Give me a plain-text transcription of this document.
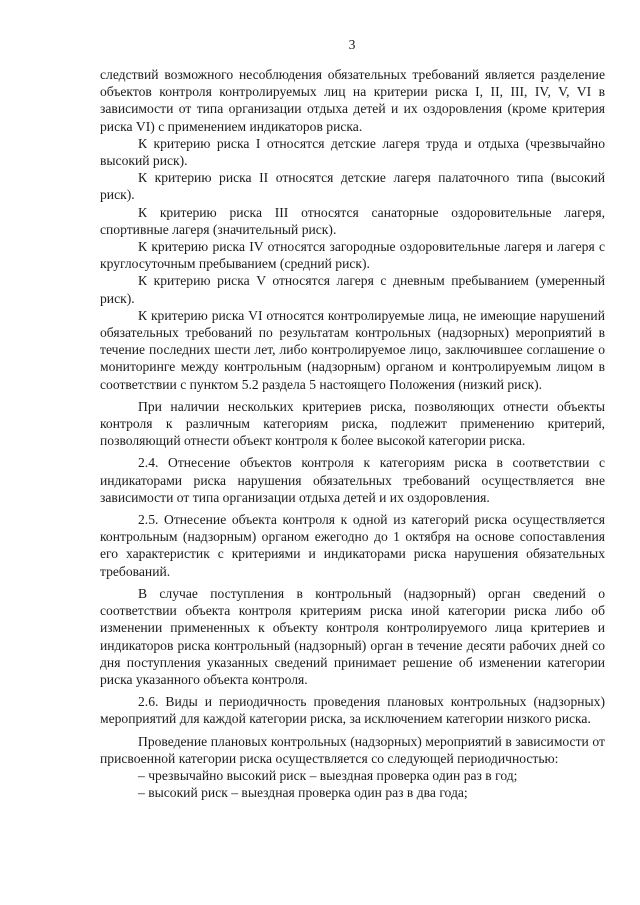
3

следствий возможного несоблюдения обязательных требований является разделение объектов контроля контролируемых лиц на критерии риска I, II, III, IV, V, VI в зависимости от типа организации отдыха детей и их оздоровления (кроме критерия риска VI) с применением индикаторов риска.

К критерию риска I относятся детские лагеря труда и отдыха (чрезвычайно высокий риск).

К критерию риска II относятся детские лагеря палаточного типа (высокий риск).

К критерию риска III относятся санаторные оздоровительные лагеря, спортивные лагеря (значительный риск).

К критерию риска IV относятся загородные оздоровительные лагеря и лагеря с круглосуточным пребыванием (средний риск).

К критерию риска V относятся лагеря с дневным пребыванием (умеренный риск).

К критерию риска VI относятся контролируемые лица, не имеющие нарушений обязательных требований по результатам контрольных (надзорных) мероприятий в течение последних шести лет, либо контролируемое лицо, заключившее соглашение о мониторинге между контрольным (надзорным) органом и контролируемым лицом в соответствии с пунктом 5.2 раздела 5 настоящего Положения (низкий риск).

При наличии нескольких критериев риска, позволяющих отнести объекты контроля к различным категориям риска, подлежит применению критерий, позволяющий отнести объект контроля к более высокой категории риска.

2.4. Отнесение объектов контроля к категориям риска в соответствии с индикаторами риска нарушения обязательных требований осуществляется вне зависимости от типа организации отдыха детей и их оздоровления.

2.5. Отнесение объекта контроля к одной из категорий риска осуществляется контрольным (надзорным) органом ежегодно до 1 октября на основе сопоставления его характеристик с критериями и индикаторами риска нарушения обязательных требований.

В случае поступления в контрольный (надзорный) орган сведений о соответствии объекта контроля критериям риска иной категории риска либо об изменении примененных к объекту контроля контролируемого лица критериев и индикаторов риска контрольный (надзорный) орган в течение десяти рабочих дней со дня поступления указанных сведений принимает решение об изменении категории риска указанного объекта контроля.

2.6. Виды и периодичность проведения плановых контрольных (надзорных) мероприятий для каждой категории риска, за исключением категории низкого риска.

Проведение плановых контрольных (надзорных) мероприятий в зависимости от присвоенной категории риска осуществляется со следующей периодичностью:

– чрезвычайно высокий риск – выездная проверка один раз в год;

– высокий риск – выездная проверка один раз в два года;
